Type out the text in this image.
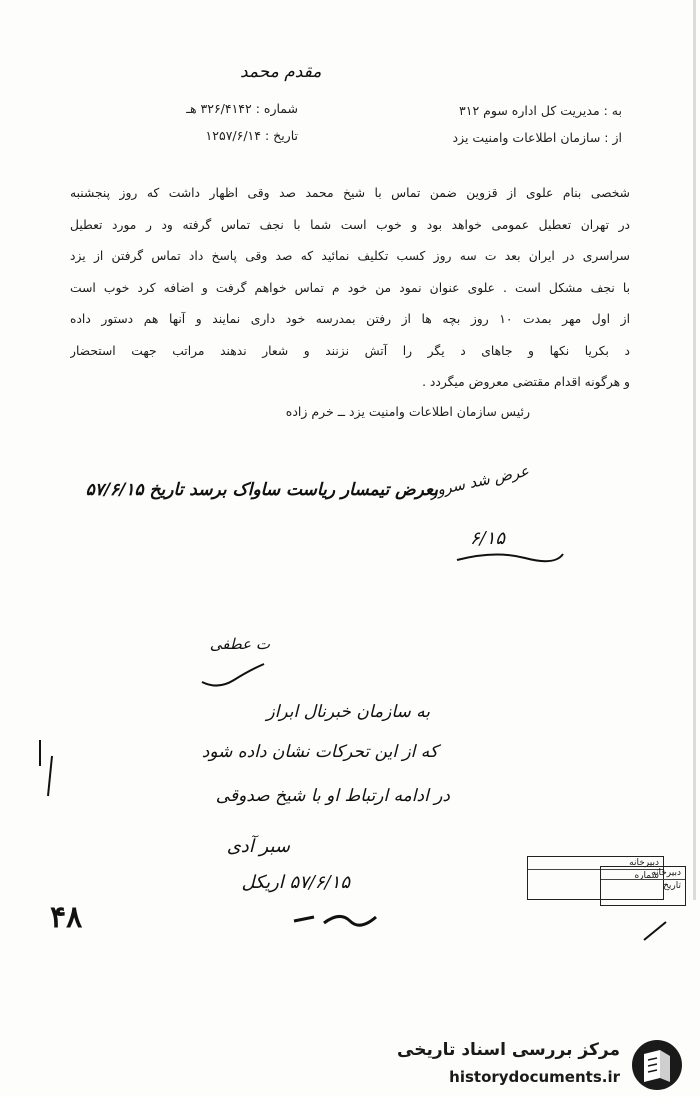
مقدم محمد
به : مدیریت کل اداره سوم ۳۱۲
از : سازمان اطلاعات وامنیت یزد
شماره : ۳۲۶/۴۱۴۲ هـ
تاریخ : ۱۲۵۷/۶/۱۴
شخصی بنام علوی از قزوین ضمن تماس با شیخ محمد صد وقی اظهار داشت که روز پنجشنبه
در تهران تعطیل عمومی خواهد بود و خوب است شما با نجف تماس گرفته ود ر مورد تعطیل
سراسری در ایران بعد ت سه روز کسب تکلیف نمائید که صد وقی پاسخ داد تماس گرفتن از یزد
با نجف مشکل است . علوی عنوان نمود من خود م تماس خواهم گرفت و اضافه کرد خوب است
از اول مهر بمدت ۱۰ روز بچه ها از رفتن بمدرسه خود داری نمایند و آنها هم دستور داده
د بکریا نکها و جاهای د یگر را آتش نزنند و شعار ندهند مراتب جهت استحضار
و هرگونه اقدام مقتضی معروض میگردد .
رئیس سازمان اطلاعات وامنیت یزد ــ خرم زاده
بعرض تیمسار ریاست ساواک برسد تاریخ ۵۷/۶/۱۵
عرض شد سرور
۶/۱۵
ت عطفی
به سازمان خبرنال ابراز
که از این تحرکات نشان داده شود
در ادامه ارتباط او با شیخ صدوقی
سبر آدی
۵۷/۶/۱۵ اریکل
۴۸
دبیرخانه
شماره
دبیرخانه
تاریخ
مرکز بررسی اسناد تاریخی
historydocuments.ir
